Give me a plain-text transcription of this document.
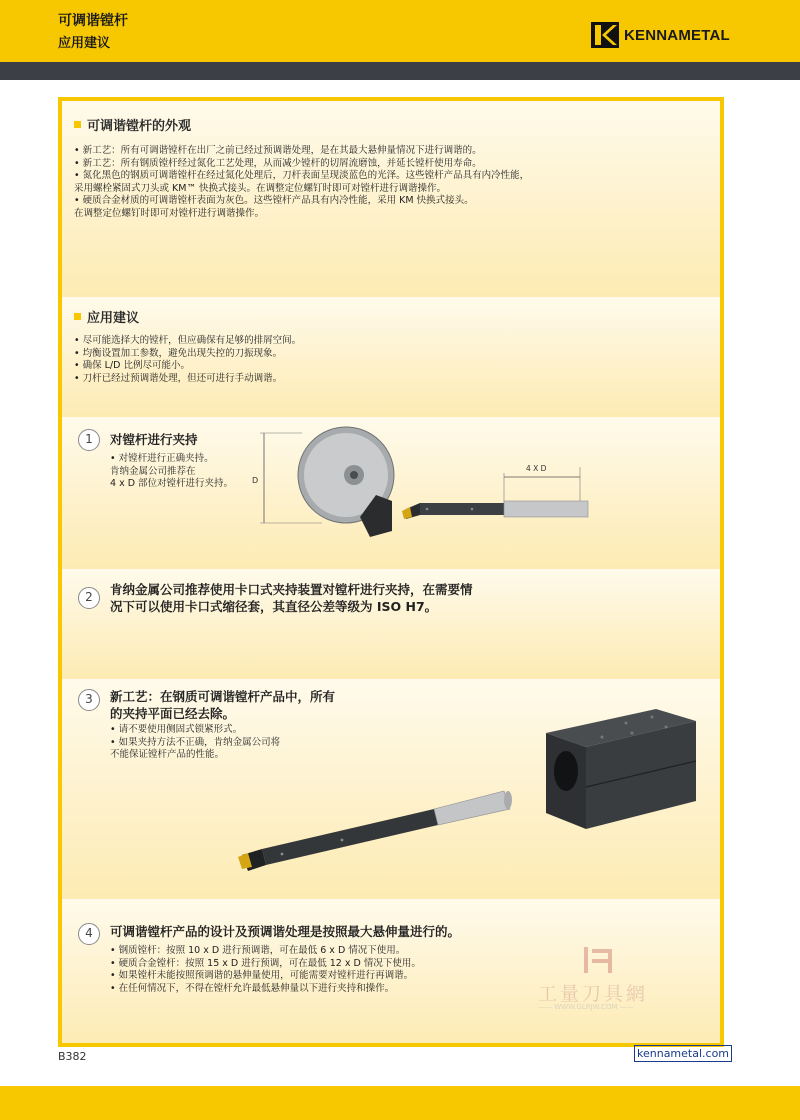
可调谐镗杆
应用建议	KENNAMETAL
可调谐镗杆的外观
• 新工艺：所有可调谐镗杆在出厂之前已经过预调谐处理，是在其最大悬伸量情况下进行调谐的。
• 新工艺：所有钢质镗杆经过氮化工艺处理，从而减少镗杆的切屑流磨蚀，并延长镗杆使用寿命。
• 氮化黑色的钢质可调谐镗杆在经过氮化处理后，刀杆表面呈现淡蓝色的光泽。这些镗杆产品具有内冷性能，
采用螺栓紧固式刀头或 KM™ 快换式接头。在调整定位螺钉时即可对镗杆进行调谐操作。
• 硬质合金材质的可调谐镗杆表面为灰色。这些镗杆产品具有内冷性能，采用 KM 快换式接头。
在调整定位螺钉时即可对镗杆进行调谐操作。
应用建议
• 尽可能选择大的镗杆，但应确保有足够的排屑空间。
• 均衡设置加工参数，避免出现失控的刀振现象。
• 确保 L/D 比例尽可能小。
• 刀杆已经过预调谐处理，但还可进行手动调谐。
1	对镗杆进行夹持
• 对镗杆进行正确夹持。
肯纳金属公司推荐在
4 x D 部位对镗杆进行夹持。 D
4 X D
2	肯纳金属公司推荐使用卡口式夹持装置对镗杆进行夹持，在需要情
况下可以使用卡口式缩径套，其直径公差等级为 ISO H7。
3	新工艺：在钢质可调谐镗杆产品中，所有
的夹持平面已经去除。
• 请不要使用侧固式锁紧形式。
• 如果夹持方法不正确，肯纳金属公司将
不能保证镗杆产品的性能。
4	可调谐镗杆产品的设计及预调谐处理是按照最大悬伸量进行的。
• 钢质镗杆：按照 10 x D 进行预调谐，可在最低 6 x D 情况下使用。
• 硬质合金镗杆：按照 15 x D 进行预调，可在最低 12 x D 情况下使用。
• 如果镗杆未能按照预调谐的悬伸量使用，可能需要对镗杆进行再调谐。
• 在任何情况下，不得在镗杆允许最低悬伸量以下进行夹持和操作。	工量刀具網
—— WWW.GLRJW.COM ——
B382	kennametal.com
